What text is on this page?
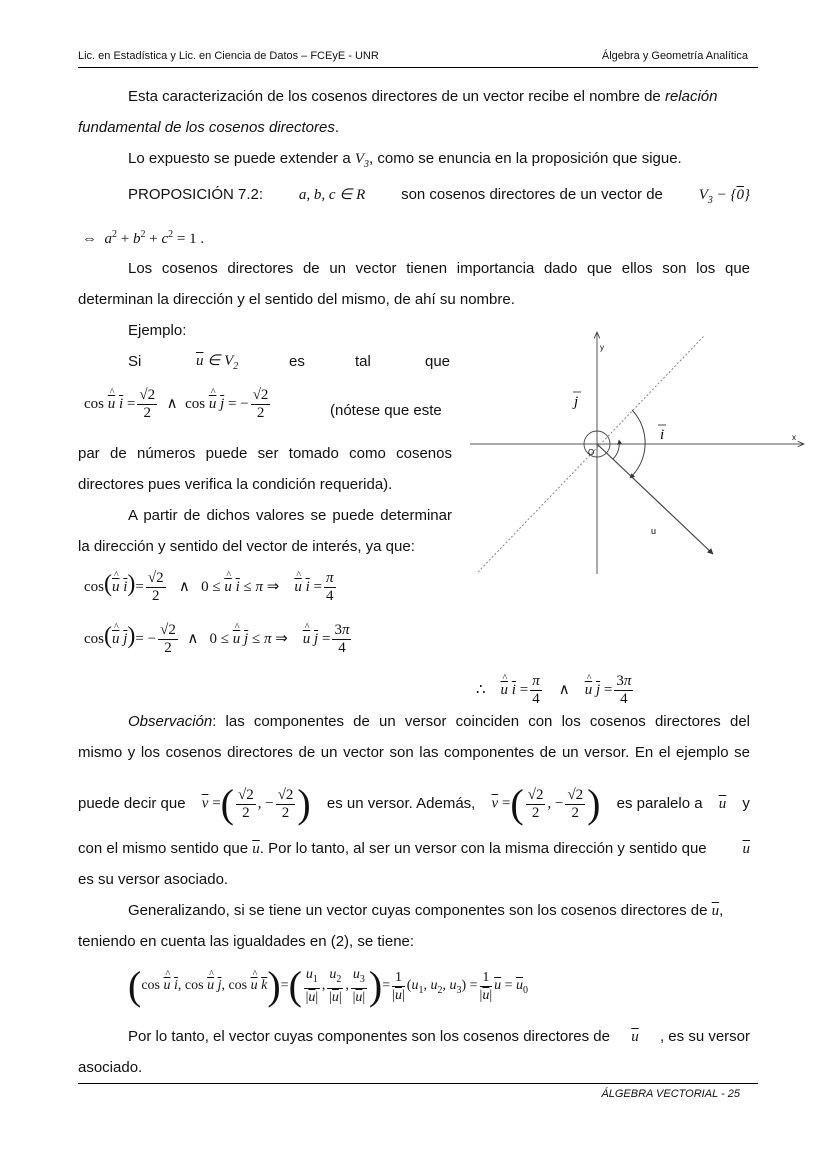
Lic. en Estadística y Lic. en Ciencia de Datos – FCEyE - UNR	Álgebra y Geometría Analítica
Esta caracterización de los cosenos directores de un vector recibe el nombre de relación
fundamental de los cosenos directores.
Lo expuesto se puede extender a $V_3$, como se enuncia en la proposición que sigue.
PROPOSICIÓN 7.2: a, b, c ∈ R son cosenos directores de un vector de $V_3 - \{0\}$
⇔  $a^2 + b^2 + c^2 = 1$ .
Los cosenos directores de un vector tienen importancia dado que ellos son los que
determinan la dirección y el sentido del mismo, de ahí su nombre.
Ejemplo:
Si	$\overline{u}$ ∈ $V_2$	es	tal	que
cos ^ $\overline{u}$ $\overline{i} = \frac{√2}{2}$ ∧  cos ^ $\overline{u}$ $\overline{j}$ = − $\frac{√2}{2}$	(nótese que este
par de números puede ser tomado como cosenos
directores pues verifica la condición requerida).
A partir de dichos valores se puede determinar
la dirección y sentido del vector de interés, ya que:
cos(^ $\overline{u}$ $\overline{i})= \frac{√2}{2}$ ∧   0 ≤ ^ $\overline{u}$ $\overline{i} \le \pi$ ⇒    ^ $\overline{u}$ $\overline{i} = \frac{\pi}{4}$
cos(^ $\overline{u}$ $\overline{j})= - \frac{√2}{2}$ ∧   0 ≤ ^ $\overline{u}$ $\overline{j} \le \pi$ ⇒    ^ $\overline{u}$ $\overline{j} = \frac{3\pi}{4}$
∴    ^ $\overline{u}$ $\overline{i} = \frac{\pi}{4}$ ∧    ^ $\overline{u}$ $\overline{j} = \frac{3\pi}{4}$
y
x
j
i
O
u
Observación: las componentes de un versor coinciden con los cosenos directores del
mismo y los cosenos directores de un vector son las componentes de un versor. En el ejemplo se
puede decir que $\overline{v}$ =( $\frac{√2}{2}$ , − $\frac{√2}{2}$ ) es un versor. Además, $\overline{v}$ =( $\frac{√2}{2}$ , − $\frac{√2}{2}$ ) es paralelo a $\overline{u}$ y
con el mismo sentido que $\overline{u}$. Por lo tanto, al ser un versor con la misma dirección y sentido que $\overline{u}$
es su versor asociado.
Generalizando, si se tiene un vector cuyas componentes son los cosenos directores de $\overline{u}$,
teniendo en cuenta las igualdades en (2), se tiene:
(cos ^ $\overline{u}$ $\overline{i}$, cos ^ $\overline{u}$ $\overline{j}$, cos ^ $\overline{u}$ $\overline{k})=( \frac{u_1}{|\overline{u}|}$ , $\frac{u_2}{|\overline{u}|}$ , $\frac{u_3}{|\overline{u}|}$ )= $\frac{1}{|\overline{u}|} (u_1$, $u_2$, $u_3) = \frac{1}{|\overline{u}|} \overline{u} = \overline{u}_0$
Por lo tanto, el vector cuyas componentes son los cosenos directores de $\overline{u}$ , es su versor
asociado.
ÁLGEBRA VECTORIAL - 25
